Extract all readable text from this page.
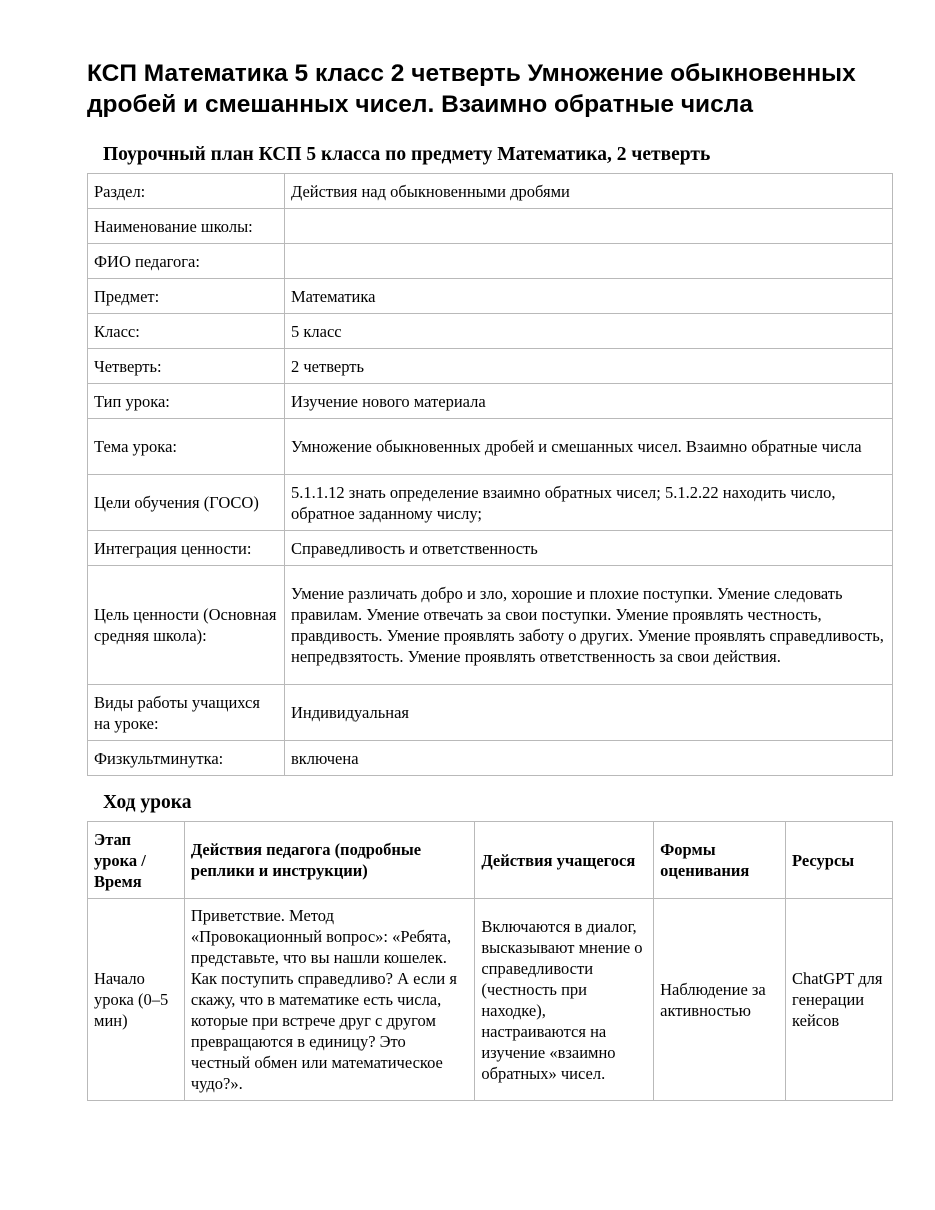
КСП Математика 5 класс 2 четверть Умножение обыкновенных дробей и смешанных чисел. Взаимно обратные числа
Поурочный план КСП 5 класса по предмету Математика, 2 четверть
Раздел:	Действия над обыкновенными дробями
Наименование школы:	
ФИО педагога:	
Предмет:	Математика
Класс:	5 класс
Четверть:	2 четверть
Тип урока:	Изучение нового материала
Тема урока:	Умножение обыкновенных дробей и смешанных чисел. Взаимно обратные числа
Цели обучения (ГОСО)	5.1.1.12 знать определение взаимно обратных чисел; 5.1.2.22 находить число, обратное заданному числу;
Интеграция ценности:	Справедливость и ответственность
Цель ценности (Основная средняя школа):	Умение различать добро и зло, хорошие и плохие поступки. Умение следовать правилам. Умение отвечать за свои поступки. Умение проявлять честность, правдивость. Умение проявлять заботу о других. Умение проявлять справедливость, непредвзятость. Умение проявлять ответственность за свои действия.
Виды работы учащихся на уроке:	Индивидуальная
Физкультминутка:	включена
Ход урока
Этап урока / Время	Действия педагога (подробные реплики и инструкции)	Действия учащегося	Формы оценивания	Ресурсы
Начало урока (0–5 мин)	Приветствие. Метод «Провокационный вопрос»: «Ребята, представьте, что вы нашли кошелек. Как поступить справедливо? А если я скажу, что в математике есть числа, которые при встрече друг с другом превращаются в единицу? Это честный обмен или математическое чудо?».	Включаются в диалог, высказывают мнение о справедливости (честность при находке), настраиваются на изучение «взаимно обратных» чисел.	Наблюдение за активностью	ChatGPT для генерации кейсов
